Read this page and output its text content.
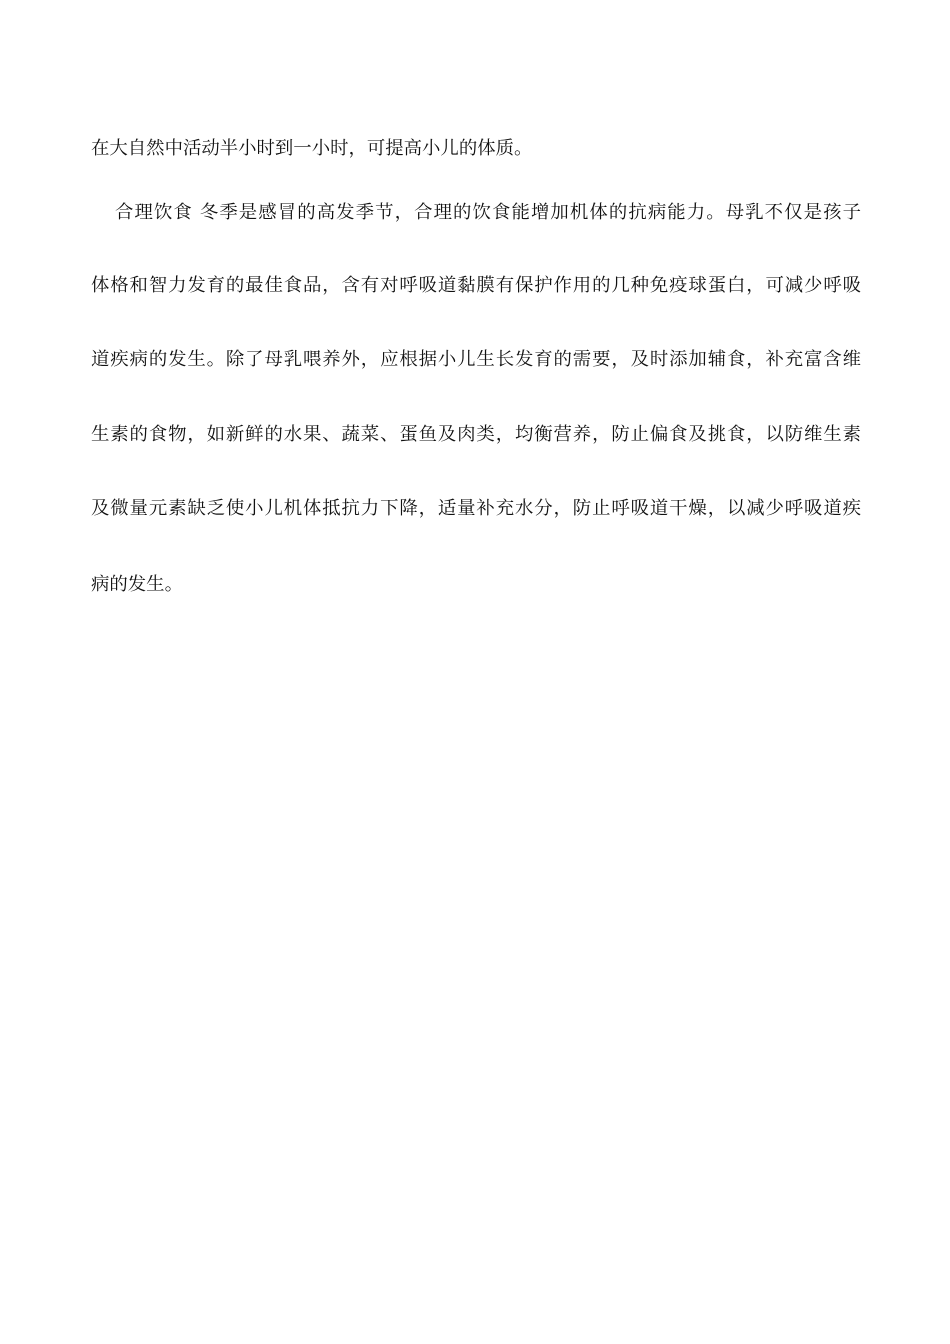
在大自然中活动半小时到一小时，可提高小儿的体质。
合理饮食 冬季是感冒的高发季节，合理的饮食能增加机体的抗病能力。母乳不仅是孩子
体格和智力发育的最佳食品，含有对呼吸道黏膜有保护作用的几种免疫球蛋白，可减少呼吸
道疾病的发生。除了母乳喂养外，应根据小儿生长发育的需要，及时添加辅食，补充富含维
生素的食物，如新鲜的水果、蔬菜、蛋鱼及肉类，均衡营养，防止偏食及挑食，以防维生素
及微量元素缺乏使小儿机体抵抗力下降，适量补充水分，防止呼吸道干燥，以减少呼吸道疾
病的发生。
